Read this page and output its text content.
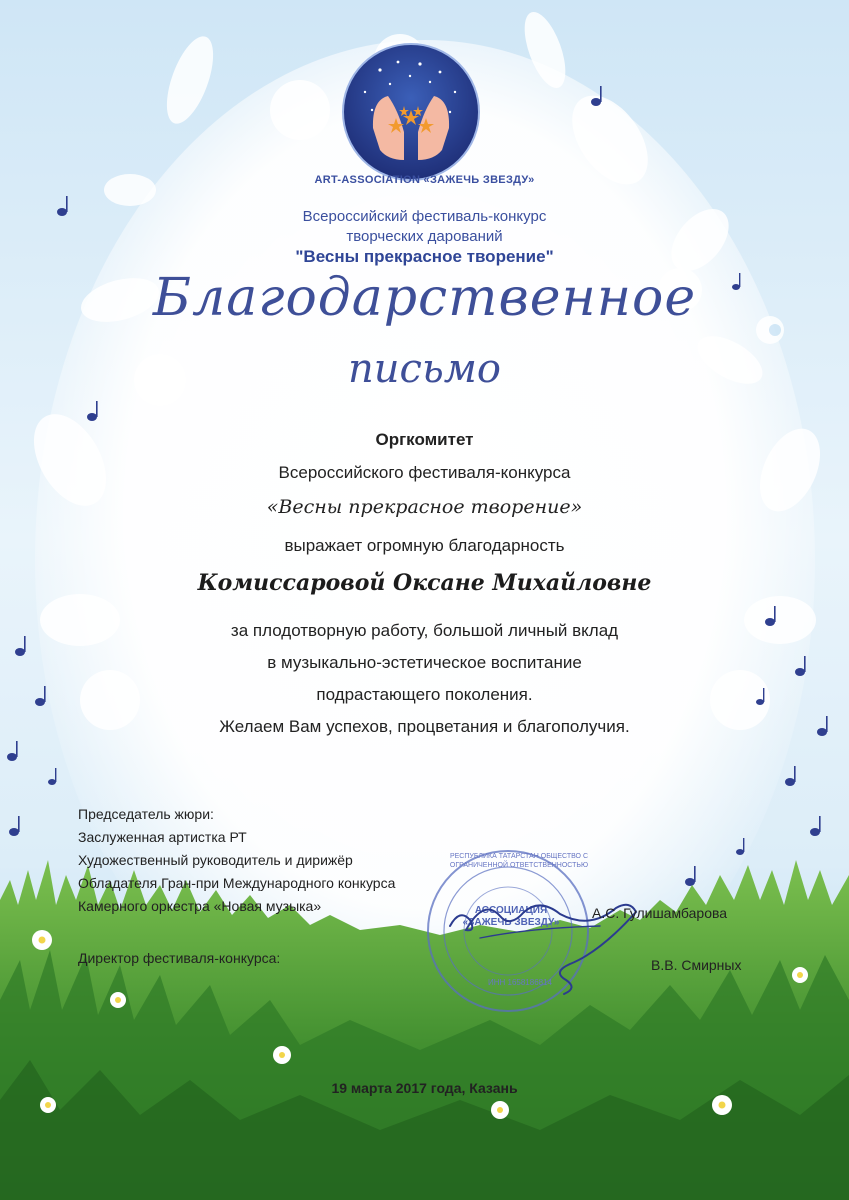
ART-ASSOCIATION «ЗАЖЕЧЬ ЗВЕЗДУ»
Всероссийский фестиваль-конкурс
творческих дарований
"Весны прекрасное творение"
Благодарственное
письмо
Оргкомитет
Всероссийского фестиваля-конкурса
«Весны прекрасное творение»
выражает огромную благодарность
Комиссаровой Оксане Михайловне
за плодотворную работу, большой личный вклад
в музыкально-эстетическое воспитание
подрастающего поколения.
Желаем Вам успехов, процветания и благополучия.
Председатель жюри:
Заслуженная артистка РТ
Художественный руководитель и дирижёр
Обладателя Гран-при Международного конкурса
Камерного оркестра «Новая музыка»
Директор фестиваля-конкурса:
РЕСПУБЛИКА ТАТАРСТАН ОБЩЕСТВО С ОГРАНИЧЕННОЙ ОТВЕТСТВЕННОСТЬЮ
АССОЦИАЦИЯ «ЗАЖЕЧЬ ЗВЕЗДУ»
ИНН 1658186814
А.С. Гулишамбарова
В.В. Смирных
19 марта 2017 года, Казань
